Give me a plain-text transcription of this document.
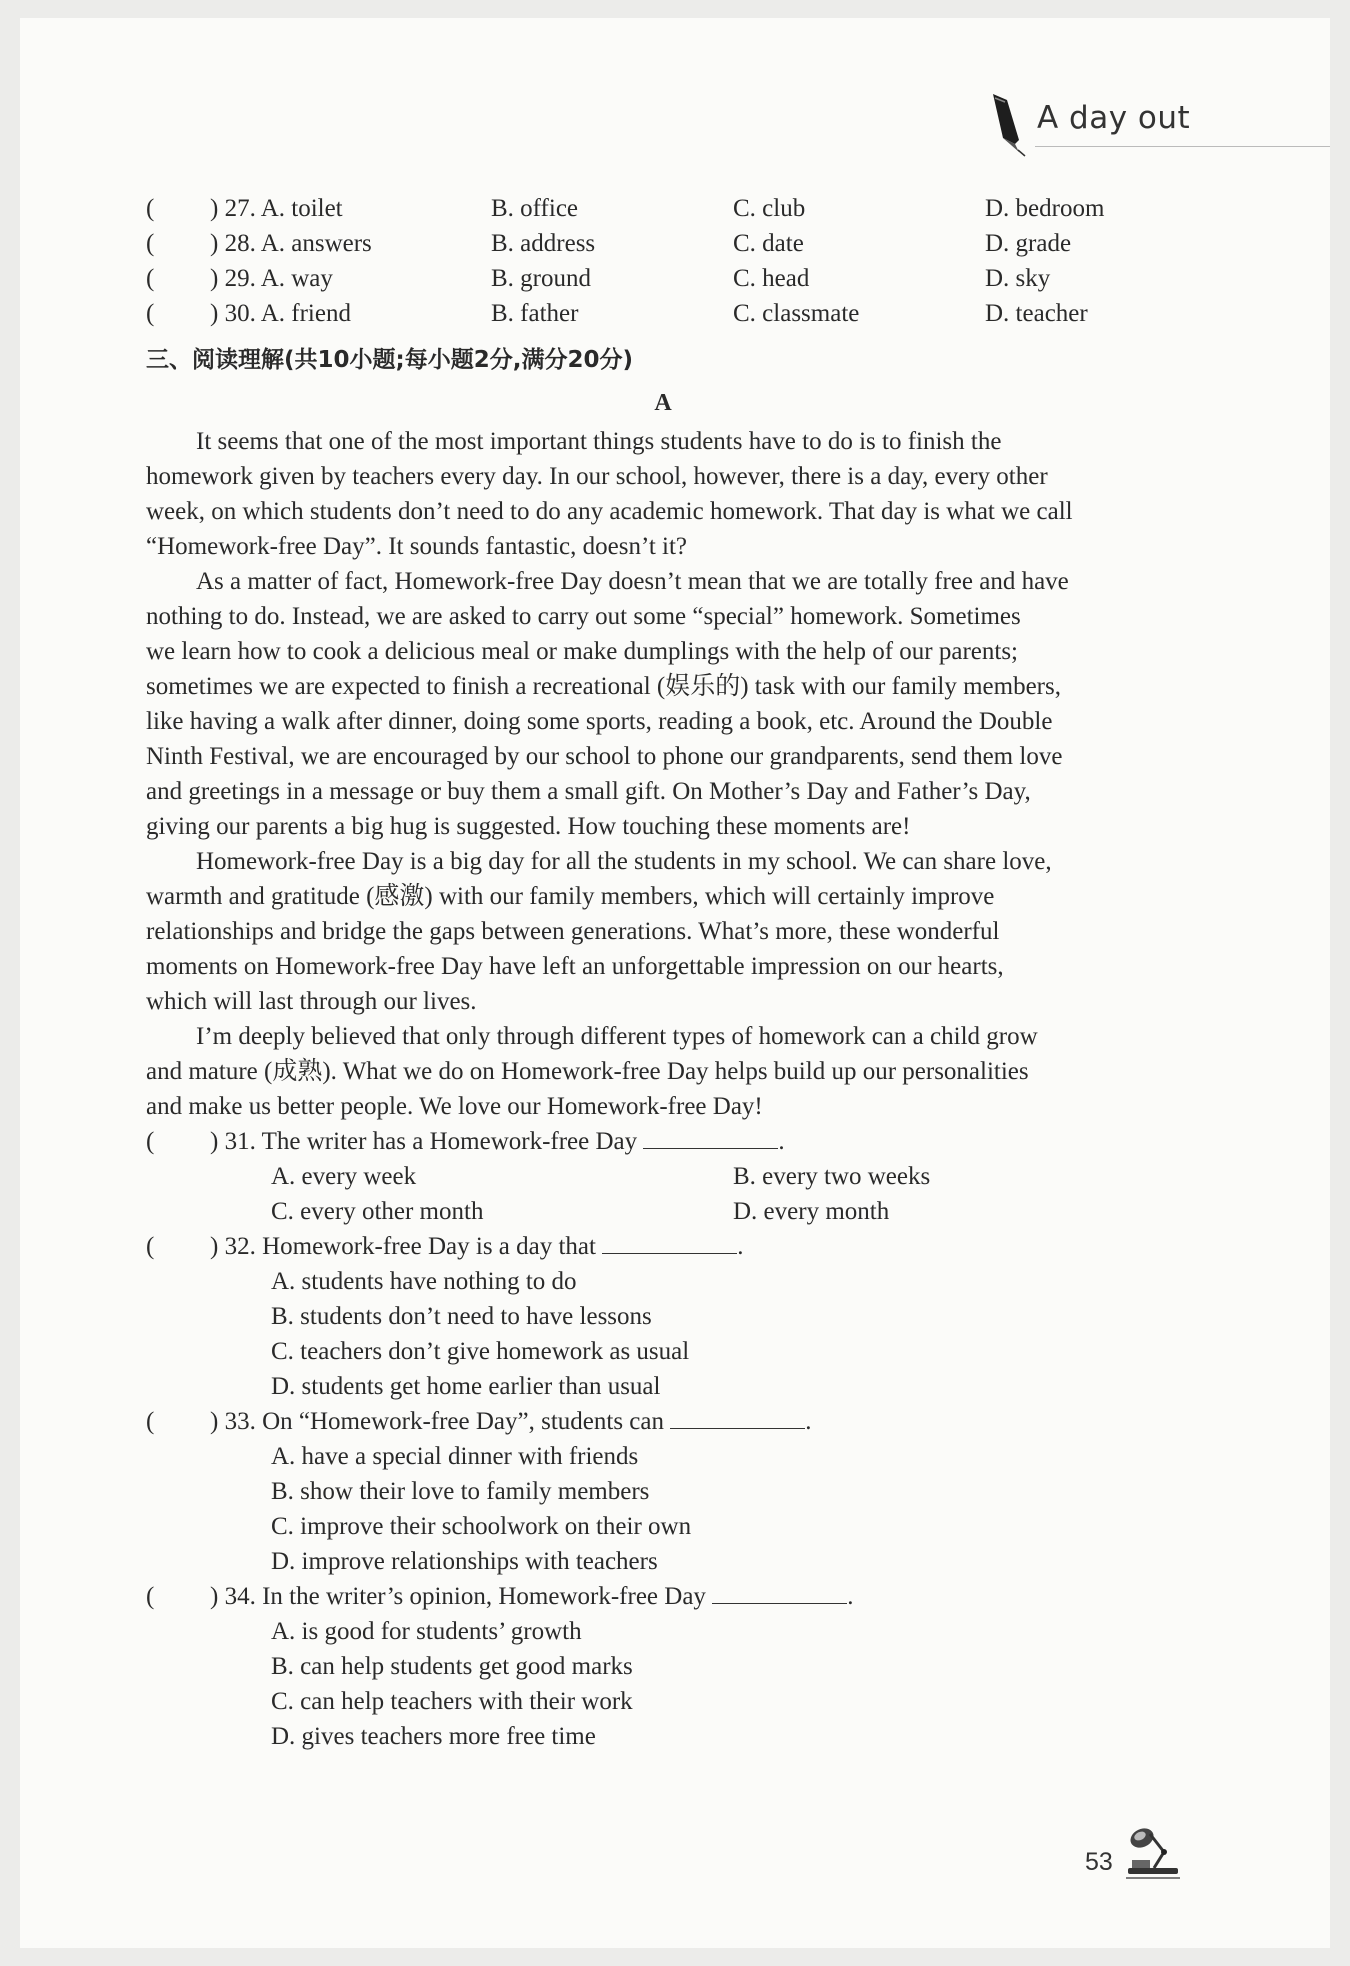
A day out
( ) 27. A. toilet	B. office	C. club	D. bedroom
( ) 28. A. answers	B. address	C. date	D. grade
( ) 29. A. way	B. ground	C. head	D. sky
( ) 30. A. friend	B. father	C. classmate	D. teacher
三、阅读理解(共10小题;每小题2分,满分20分)
A
It seems that one of the most important things students have to do is to finish the
homework given by teachers every day. In our school, however, there is a day, every other
week, on which students don’t need to do any academic homework. That day is what we call
“Homework-free Day”. It sounds fantastic, doesn’t it?
As a matter of fact, Homework-free Day doesn’t mean that we are totally free and have
nothing to do. Instead, we are asked to carry out some “special” homework. Sometimes
we learn how to cook a delicious meal or make dumplings with the help of our parents;
sometimes we are expected to finish a recreational (娱乐的) task with our family members,
like having a walk after dinner, doing some sports, reading a book, etc. Around the Double
Ninth Festival, we are encouraged by our school to phone our grandparents, send them love
and greetings in a message or buy them a small gift. On Mother’s Day and Father’s Day,
giving our parents a big hug is suggested. How touching these moments are!
Homework-free Day is a big day for all the students in my school. We can share love,
warmth and gratitude (感激) with our family members, which will certainly improve
relationships and bridge the gaps between generations. What’s more, these wonderful
moments on Homework-free Day have left an unforgettable impression on our hearts,
which will last through our lives.
I’m deeply believed that only through different types of homework can a child grow
and mature (成熟). What we do on Homework-free Day helps build up our personalities
and make us better people. We love our Homework-free Day!
( ) 31. The writer has a Homework-free Day	.
A. every week	B. every two weeks
C. every other month	D. every month
( ) 32. Homework-free Day is a day that	.
A. students have nothing to do
B. students don’t need to have lessons
C. teachers don’t give homework as usual
D. students get home earlier than usual
( ) 33. On “Homework-free Day”, students can	.
A. have a special dinner with friends
B. show their love to family members
C. improve their schoolwork on their own
D. improve relationships with teachers
( ) 34. In the writer’s opinion, Homework-free Day	.
A. is good for students’ growth
B. can help students get good marks
C. can help teachers with their work
D. gives teachers more free time
53
